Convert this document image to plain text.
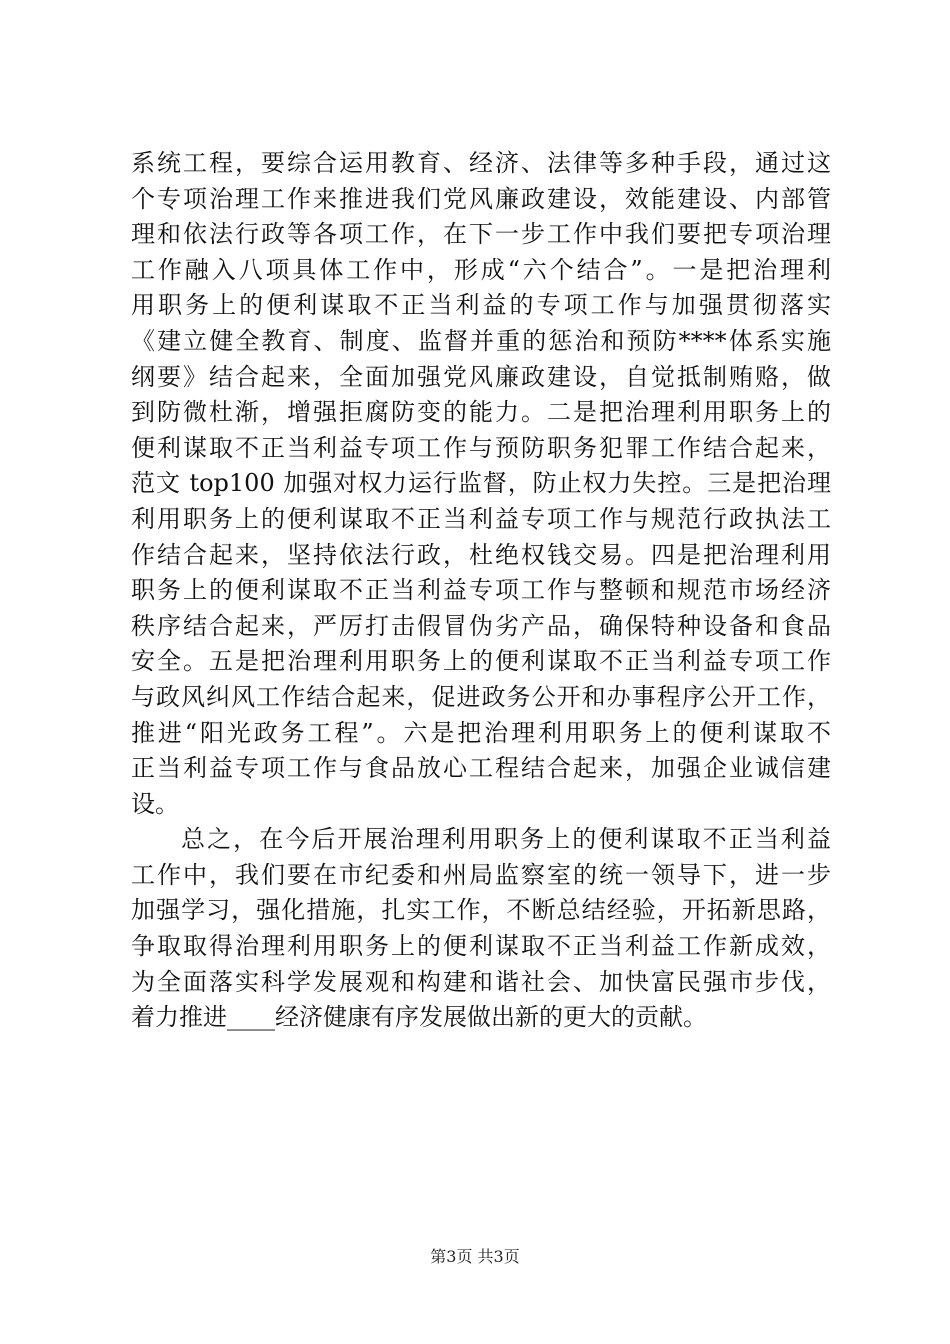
系统工程，要综合运用教育、经济、法律等多种手段，通过这
个专项治理工作来推进我们党风廉政建设，效能建设、内部管
理和依法行政等各项工作，在下一步工作中我们要把专项治理
工作融入八项具体工作中，形成“六个结合”。一是把治理利
用职务上的便利谋取不正当利益的专项工作与加强贯彻落实
《建立健全教育、制度、监督并重的惩治和预防****体系实施
纲要》结合起来，全面加强党风廉政建设，自觉抵制贿赂，做
到防微杜渐，增强拒腐防变的能力。二是把治理利用职务上的
便利谋取不正当利益专项工作与预防职务犯罪工作结合起来，
范文 top100 加强对权力运行监督，防止权力失控。三是把治理
利用职务上的便利谋取不正当利益专项工作与规范行政执法工
作结合起来，坚持依法行政，杜绝权钱交易。四是把治理利用
职务上的便利谋取不正当利益专项工作与整顿和规范市场经济
秩序结合起来，严厉打击假冒伪劣产品，确保特种设备和食品
安全。五是把治理利用职务上的便利谋取不正当利益专项工作
与政风纠风工作结合起来，促进政务公开和办事程序公开工作，
推进“阳光政务工程”。六是把治理利用职务上的便利谋取不
正当利益专项工作与食品放心工程结合起来，加强企业诚信建
设。
总之，在今后开展治理利用职务上的便利谋取不正当利益
工作中，我们要在市纪委和州局监察室的统一领导下，进一步
加强学习，强化措施，扎实工作，不断总结经验，开拓新思路，
争取取得治理利用职务上的便利谋取不正当利益工作新成效，
为全面落实科学发展观和构建和谐社会、加快富民强市步伐，
着力推进____经济健康有序发展做出新的更大的贡献。
第3页 共3页
